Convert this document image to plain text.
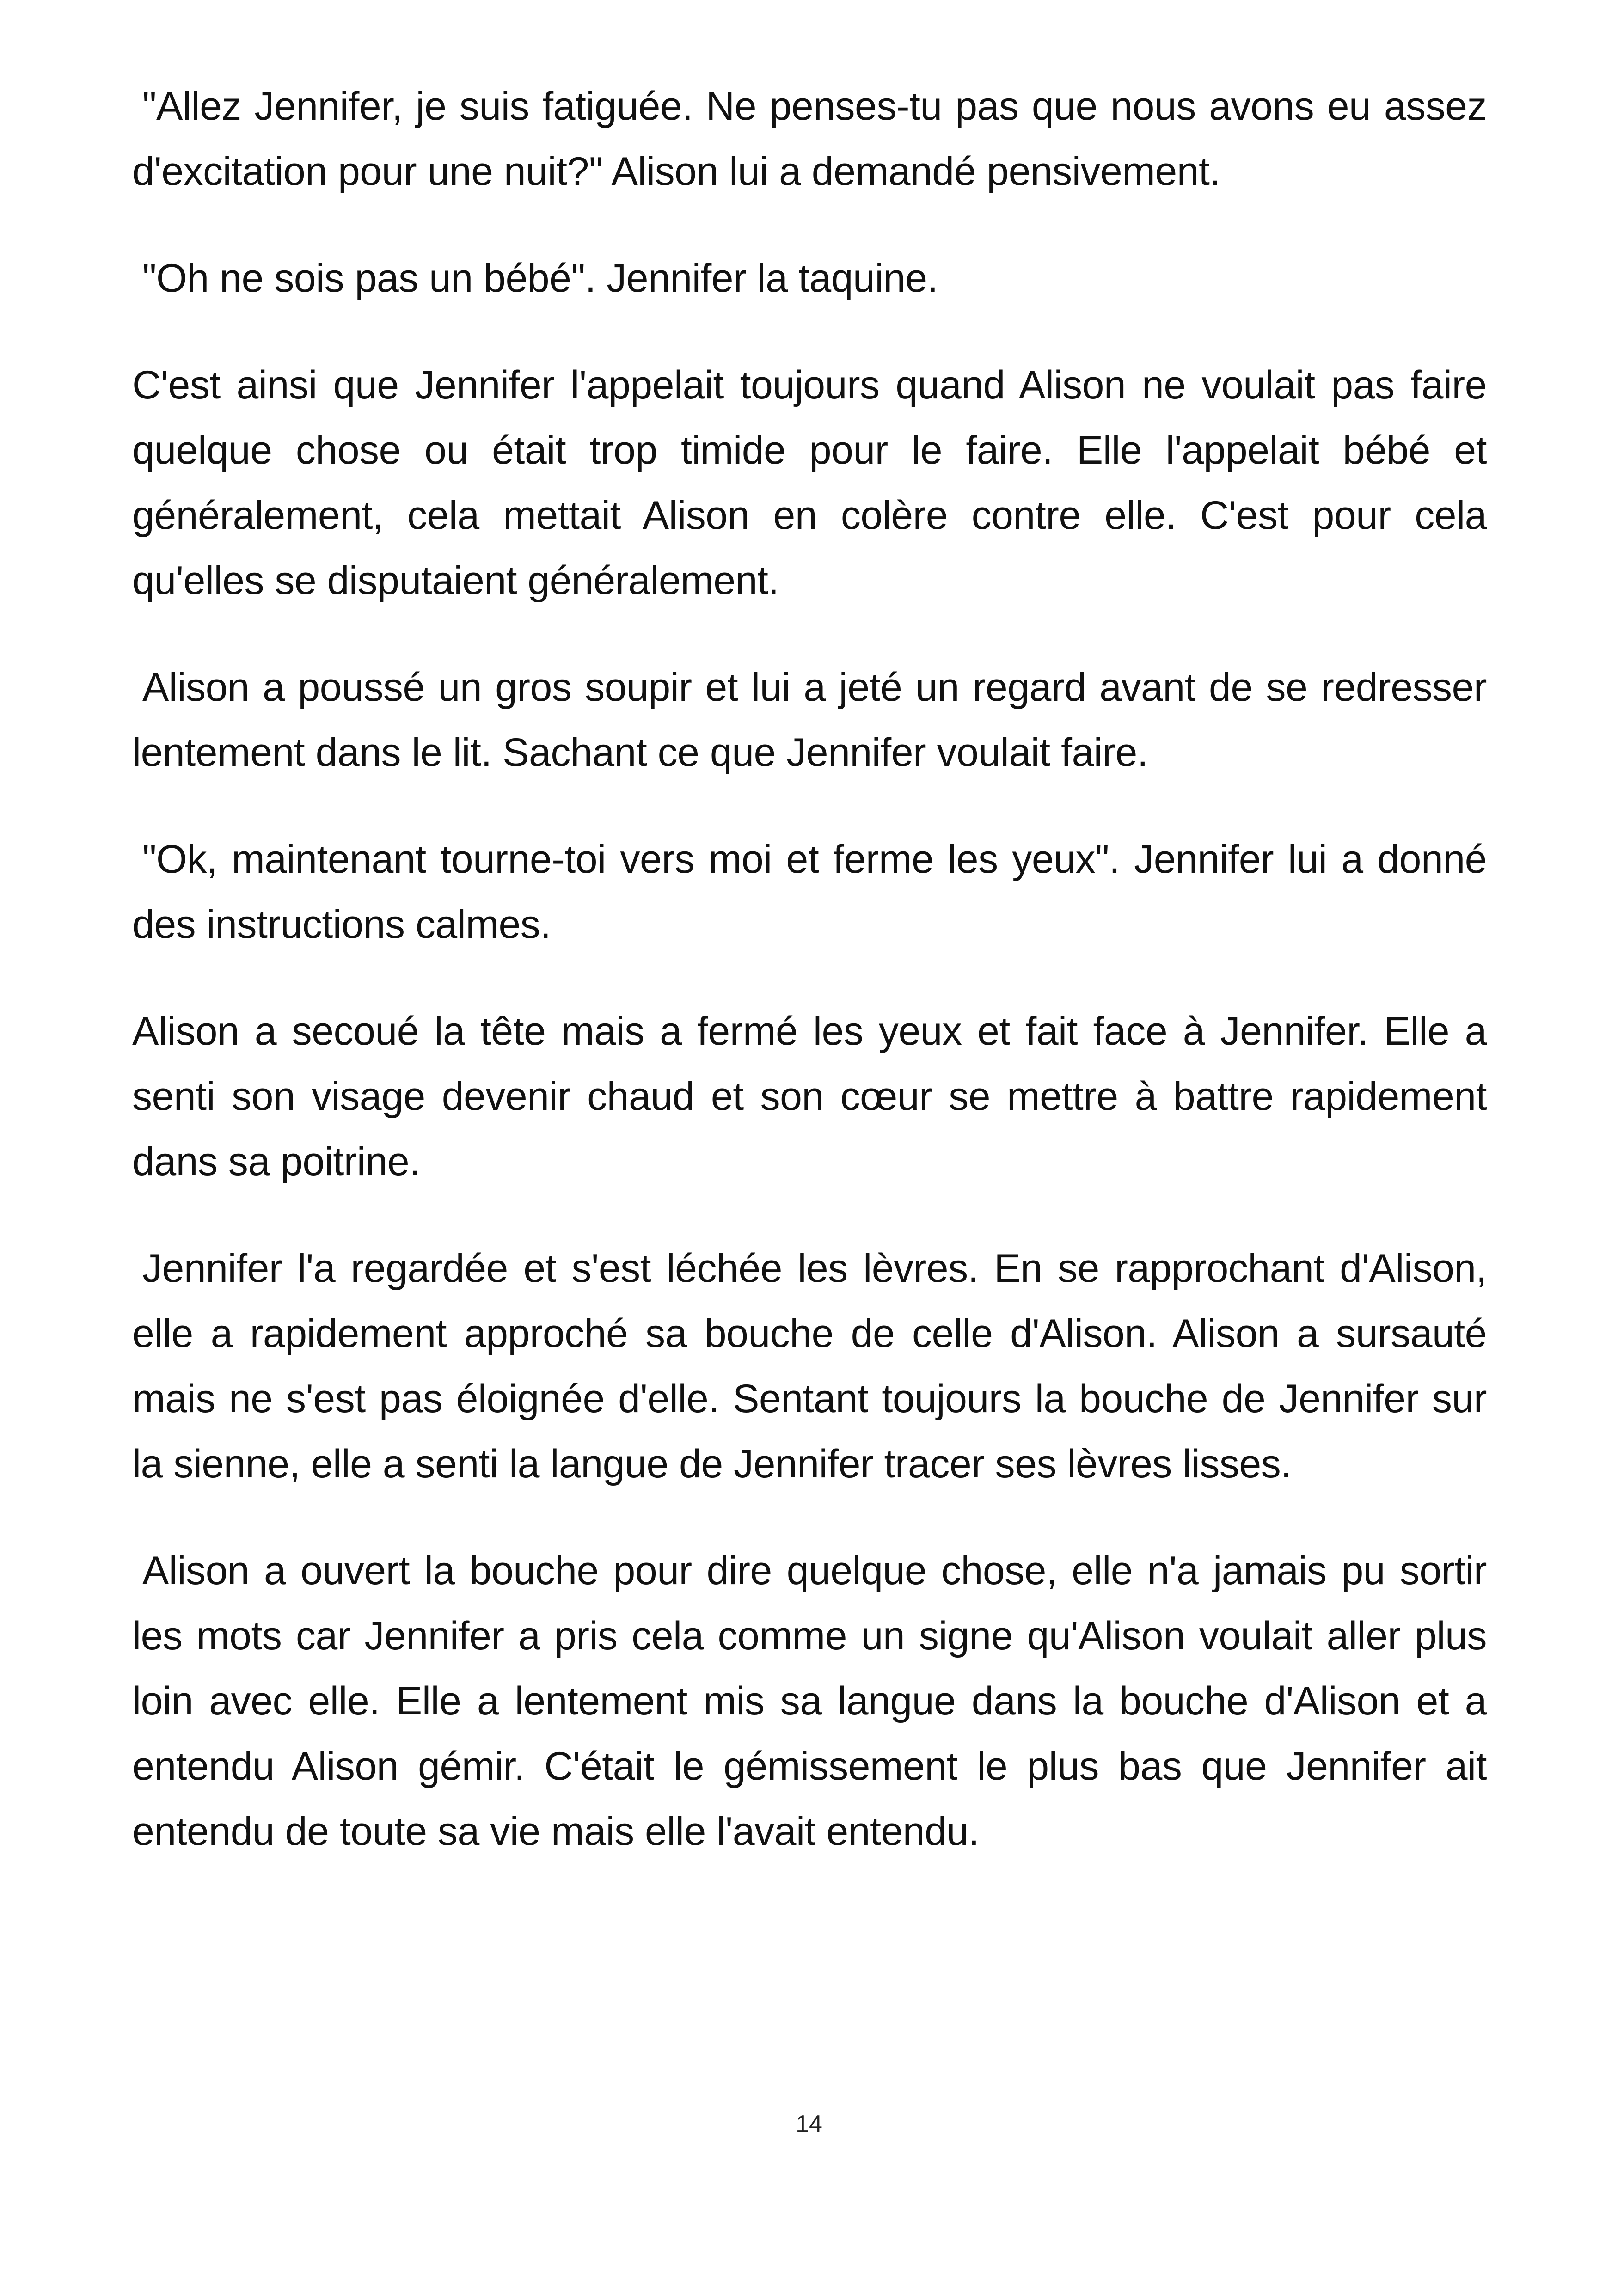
"Allez Jennifer, je suis fatiguée. Ne penses-tu pas que nous avons eu assez d'excitation pour une nuit?" Alison lui a demandé pensivement.

"Oh ne sois pas un bébé". Jennifer la taquine.

C'est ainsi que Jennifer l'appelait toujours quand Alison ne voulait pas faire quelque chose ou était trop timide pour le faire. Elle l'appelait bébé et généralement, cela mettait Alison en colère contre elle. C'est pour cela qu'elles se disputaient généralement.

Alison a poussé un gros soupir et lui a jeté un regard avant de se redresser lentement dans le lit. Sachant ce que Jennifer voulait faire.

"Ok, maintenant tourne-toi vers moi et ferme les yeux". Jennifer lui a donné des instructions calmes.

Alison a secoué la tête mais a fermé les yeux et fait face à Jennifer. Elle a senti son visage devenir chaud et son cœur se mettre à battre rapidement dans sa poitrine.

Jennifer l'a regardée et s'est léchée les lèvres. En se rapprochant d'Alison, elle a rapidement approché sa bouche de celle d'Alison. Alison a sursauté mais ne s'est pas éloignée d'elle. Sentant toujours la bouche de Jennifer sur la sienne, elle a senti la langue de Jennifer tracer ses lèvres lisses.

Alison a ouvert la bouche pour dire quelque chose, elle n'a jamais pu sortir les mots car Jennifer a pris cela comme un signe qu'Alison voulait aller plus loin avec elle. Elle a lentement mis sa langue dans la bouche d'Alison et a entendu Alison gémir. C'était le gémissement le plus bas que Jennifer ait entendu de toute sa vie mais elle l'avait entendu.

14
